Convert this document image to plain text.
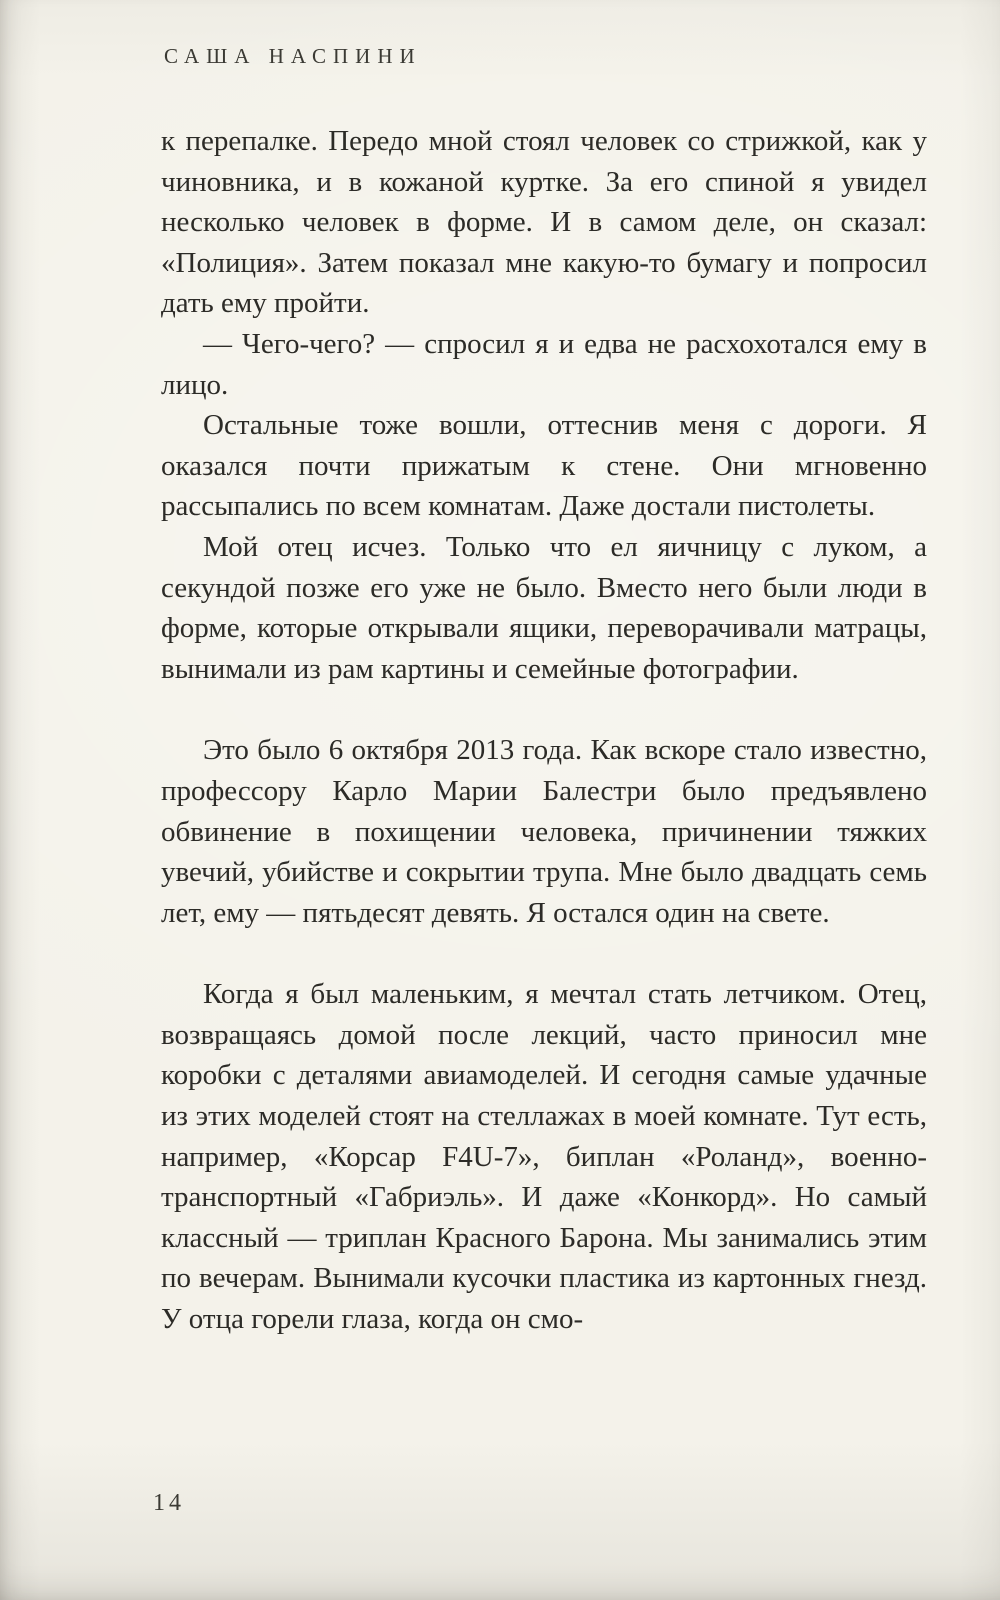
САША НАСПИНИ

к перепалке. Передо мной стоял человек со стрижкой, как у чиновника, и в кожаной куртке. За его спиной я увидел несколько человек в форме. И в самом деле, он сказал: «Полиция». Затем показал мне какую-то бумагу и попросил дать ему пройти.

— Чего-чего? — спросил я и едва не расхохотался ему в лицо.

Остальные тоже вошли, оттеснив меня с дороги. Я оказался почти прижатым к стене. Они мгновенно рассыпались по всем комнатам. Даже достали пистолеты.

Мой отец исчез. Только что ел яичницу с луком, а секундой позже его уже не было. Вместо него были люди в форме, которые открывали ящики, переворачивали матрацы, вынимали из рам картины и семейные фотографии.

Это было 6 октября 2013 года. Как вскоре стало известно, профессору Карло Марии Балестри было предъявлено обвинение в похищении человека, причинении тяжких увечий, убийстве и сокрытии трупа. Мне было двадцать семь лет, ему — пятьдесят девять. Я остался один на свете.

Когда я был маленьким, я мечтал стать летчиком. Отец, возвращаясь домой после лекций, часто приносил мне коробки с деталями авиамоделей. И сегодня самые удачные из этих моделей стоят на стеллажах в моей комнате. Тут есть, например, «Корсар F4U-7», биплан «Роланд», военно-транспортный «Габриэль». И даже «Конкорд». Но самый классный — триплан Красного Барона. Мы занимались этим по вечерам. Вынимали кусочки пластика из картонных гнезд. У отца горели глаза, когда он смо-

14
